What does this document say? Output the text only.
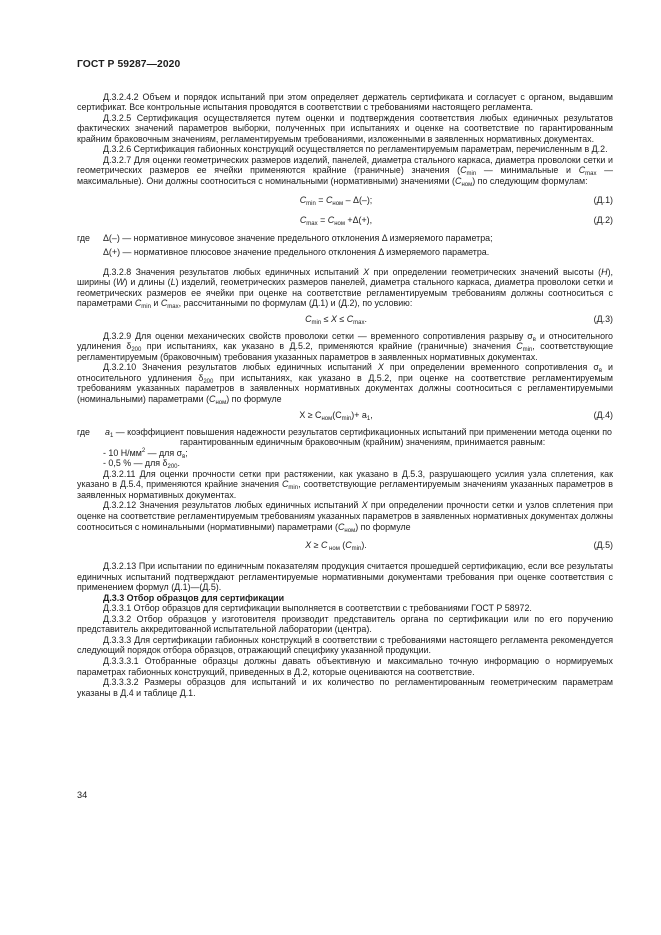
ГОСТ Р 59287—2020

Д.3.2.4.2 Объем и порядок испытаний при этом определяет держатель сертификата и согласует с органом, выдавшим сертификат. Все контрольные испытания проводятся в соответствии с требованиями настоящего регламента.

Д.3.2.5 Сертификация осуществляется путем оценки и подтверждения соответствия любых единичных результатов фактических значений параметров выборки, полученных при испытаниях и оценке на соответствие по гарантированным крайним браковочным значениям, регламентируемым требованиями, изложенными в заявленных нормативных документах.

Д.3.2.6 Сертификация габионных конструкций осуществляется по регламентируемым параметрам, перечисленным в Д.2.

Д.3.2.7 Для оценки геометрических размеров изделий, панелей, диаметра стального каркаса, диаметра проволоки сетки и геометрических размеров ее ячейки применяются крайние (граничные) значения ($C_{min}$ — минимальные и $C_{max}$ — максимальные). Они должны соотноситься с номинальными (нормативными) значениями $(C_{ном})$ по следующим формулам:

$C_{min} = C_{ном} - \Delta(-)$;	(Д.1)
$C_{max} = C_{ном} +\Delta(+)$,	(Д.2)
где	Δ(–) — нормативное минусовое значение предельного отклонения Δ измеряемого параметра;
Δ(+) — нормативное плюсовое значение предельного отклонения Δ измеряемого параметра.

Д.3.2.8 Значения результатов любых единичных испытаний X при определении геометрических значений высоты (H), ширины (W) и длины (L) изделий, геометрических размеров панелей, диаметра стального каркаса, диаметра проволоки сетки и геометрических размеров ее ячейки при оценке на соответствие регламентируемым требованиям должны соотноситься с параметрами $C_{min}$ и $C_{max}$, рассчитанными по формулам (Д.1) и (Д.2), по условию:

$C_{min} \le X \le C_{max}$.	(Д.3)

Д.3.2.9 Для оценки механических свойств проволоки сетки — временного сопротивления разрыву $\sigma_в$ и относительного удлинения $\delta_{200}$ при испытаниях, как указано в Д.5.2, применяются крайние (граничные) значения $C_{min}$, соответствующие регламентируемым (браковочным) требования указанных параметров в заявленных нормативных документах.

Д.3.2.10 Значения результатов любых единичных испытаний X при определении временного сопротивления $\sigma_в$ и относительного удлинения $\delta_{200}$ при испытаниях, как указано в Д.5.2, при оценке на соответствие регламентируемым требованиям указанных параметров в заявленных нормативных документах должны соотноситься с регламентируемыми (номинальными) параметрами $(C_{ном})$ по формуле

$X \ge C_{ном}(C_{min})+ a_1$,	(Д.4)
где	$a_1$ — коэффициент повышения надежности результатов сертификационных испытаний при применении метода оценки по гарантированным единичным браковочным (крайним) значениям, принимается равным:

- 10 $Н/мм^2$ — для $\sigma_в$;

- 0,5 % — для $\delta_{200}$.

Д.3.2.11 Для оценки прочности сетки при растяжении, как указано в Д.5.3, разрушающего усилия узла сплетения, как указано в Д.5.4, применяются крайние значения $C_{min}$, соответствующие регламентируемым значениям указанных параметров в заявленных нормативных документах.

Д.3.2.12 Значения результатов любых единичных испытаний X при определении прочности сетки и узлов сплетения при оценке на соответствие регламентируемым требованиям указанных параметров в заявленных нормативных документах должны соотноситься с номинальными (нормативными) параметрами $(C_{ном})$ по формуле

X ≥ C $_{ном}$ $(C_{min})$.	(Д.5)

Д.3.2.13 При испытании по единичным показателям продукция считается прошедшей сертификацию, если все результаты единичных испытаний подтверждают регламентируемые нормативными документами требования при оценке соответствия с применением формул (Д.1)—(Д.5).

Д.3.3 Отбор образцов для сертификации

Д.3.3.1 Отбор образцов для сертификации выполняется в соответствии с требованиями ГОСТ Р 58972.

Д.3.3.2 Отбор образцов у изготовителя производит представитель органа по сертификации или по его поручению представитель аккредитованной испытательной лаборатории (центра).

Д.3.3.3 Для сертификации габионных конструкций в соответствии с требованиями настоящего регламента рекомендуется следующий порядок отбора образцов, отражающий специфику указанной продукции.

Д.3.3.3.1 Отобранные образцы должны давать объективную и максимально точную информацию о нормируемых параметрах габионных конструкций, приведенных в Д.2, которые оцениваются на соответствие.

Д.3.3.3.2 Размеры образцов для испытаний и их количество по регламентированным геометрическим параметрам указаны в Д.4 и таблице Д.1.

34
